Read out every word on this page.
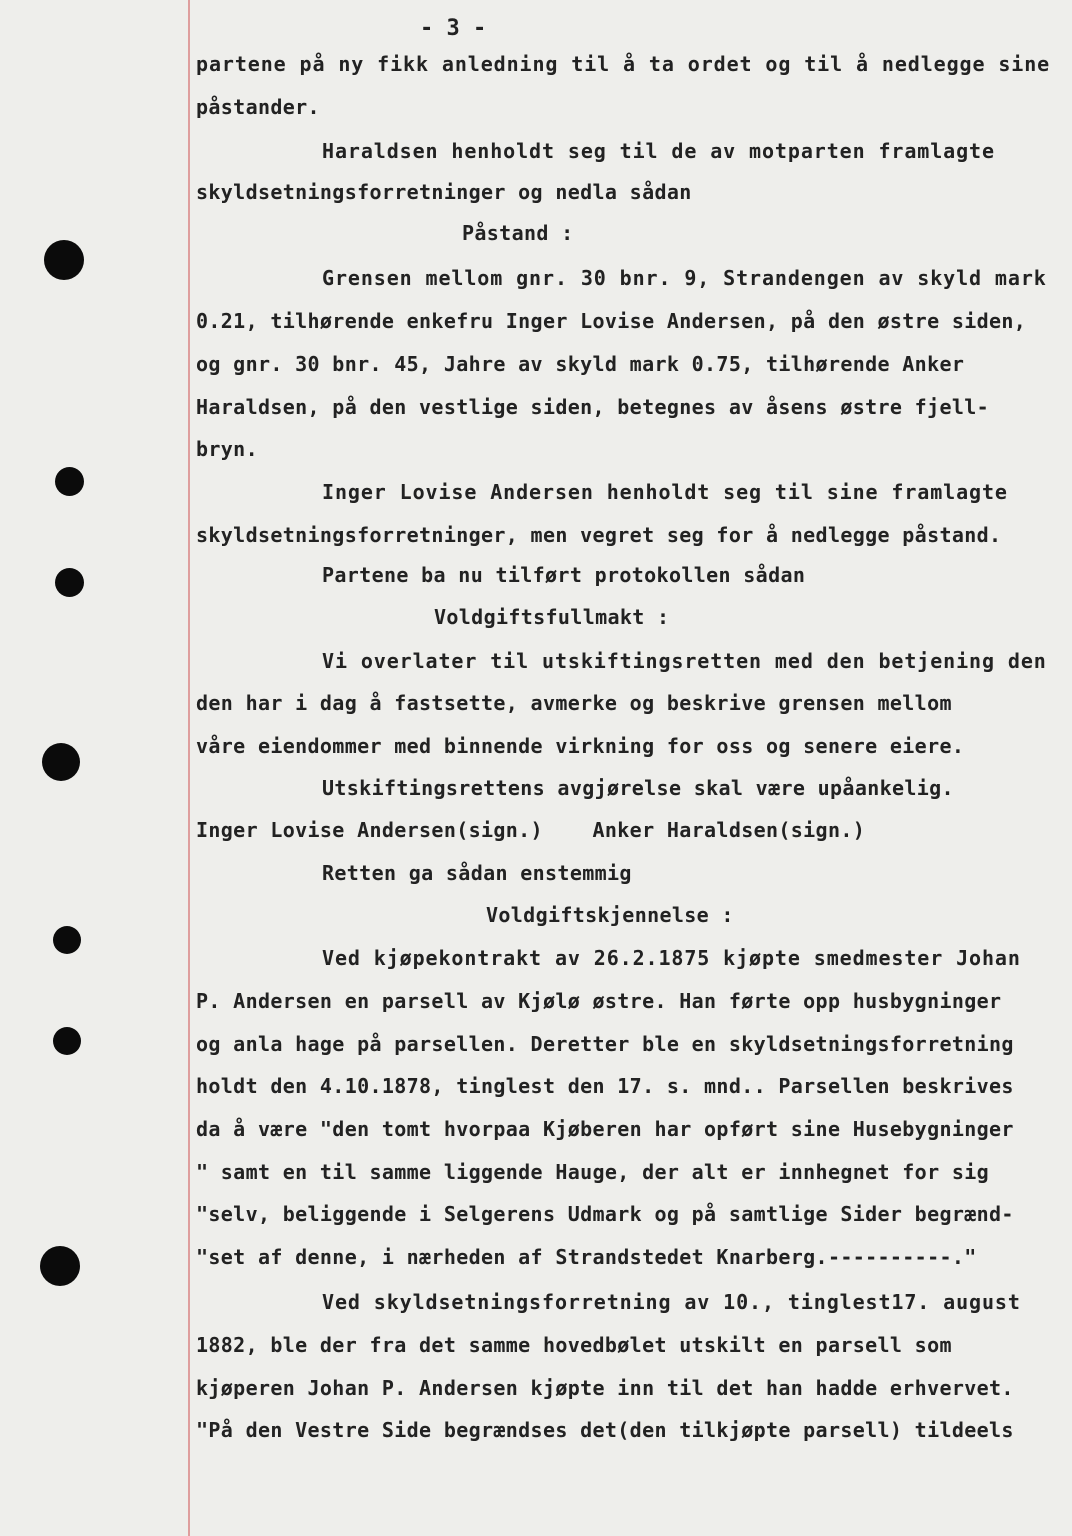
- 3 -
partene på ny fikk anledning til å ta ordet og til å nedlegge sine
påstander.
Haraldsen henholdt seg til de av motparten framlagte
skyldsetningsforretninger og nedla sådan
Påstand :
Grensen mellom gnr. 30 bnr. 9, Strandengen av skyld mark
0.21, tilhørende enkefru Inger Lovise Andersen, på den østre siden,
og gnr. 30 bnr. 45, Jahre av skyld mark 0.75, tilhørende Anker
Haraldsen, på den vestlige siden, betegnes av åsens østre fjell-
bryn.
Inger Lovise Andersen henholdt seg til sine framlagte
skyldsetningsforretninger, men vegret seg for å nedlegge påstand.
Partene ba nu tilført protokollen sådan
Voldgiftsfullmakt :
Vi overlater til utskiftingsretten med den betjening den
den har i dag å fastsette, avmerke og beskrive grensen mellom
våre eiendommer med binnende virkning for oss og senere eiere.
Utskiftingsrettens avgjørelse skal være upåankelig.
Inger Lovise Andersen(sign.)    Anker Haraldsen(sign.)
Retten ga sådan enstemmig
Voldgiftskjennelse :
Ved kjøpekontrakt av 26.2.1875 kjøpte smedmester Johan
P. Andersen en parsell av Kjølø østre. Han førte opp husbygninger
og anla hage på parsellen. Deretter ble en skyldsetningsforretning
holdt den 4.10.1878, tinglest den 17. s. mnd.. Parsellen beskrives
da å være "den tomt hvorpaa Kjøberen har opført sine Husebygninger
" samt en til samme liggende Hauge, der alt er innhegnet for sig
"selv, beliggende i Selgerens Udmark og på samtlige Sider begrænd-
"set af denne, i nærheden af Strandstedet Knarberg.----------."
Ved skyldsetningsforretning av 10., tinglest17. august
1882, ble der fra det samme hovedbølet utskilt en parsell som
kjøperen Johan P. Andersen kjøpte inn til det han hadde erhvervet.
"På den Vestre Side begrændses det(den tilkjøpte parsell) tildeels
